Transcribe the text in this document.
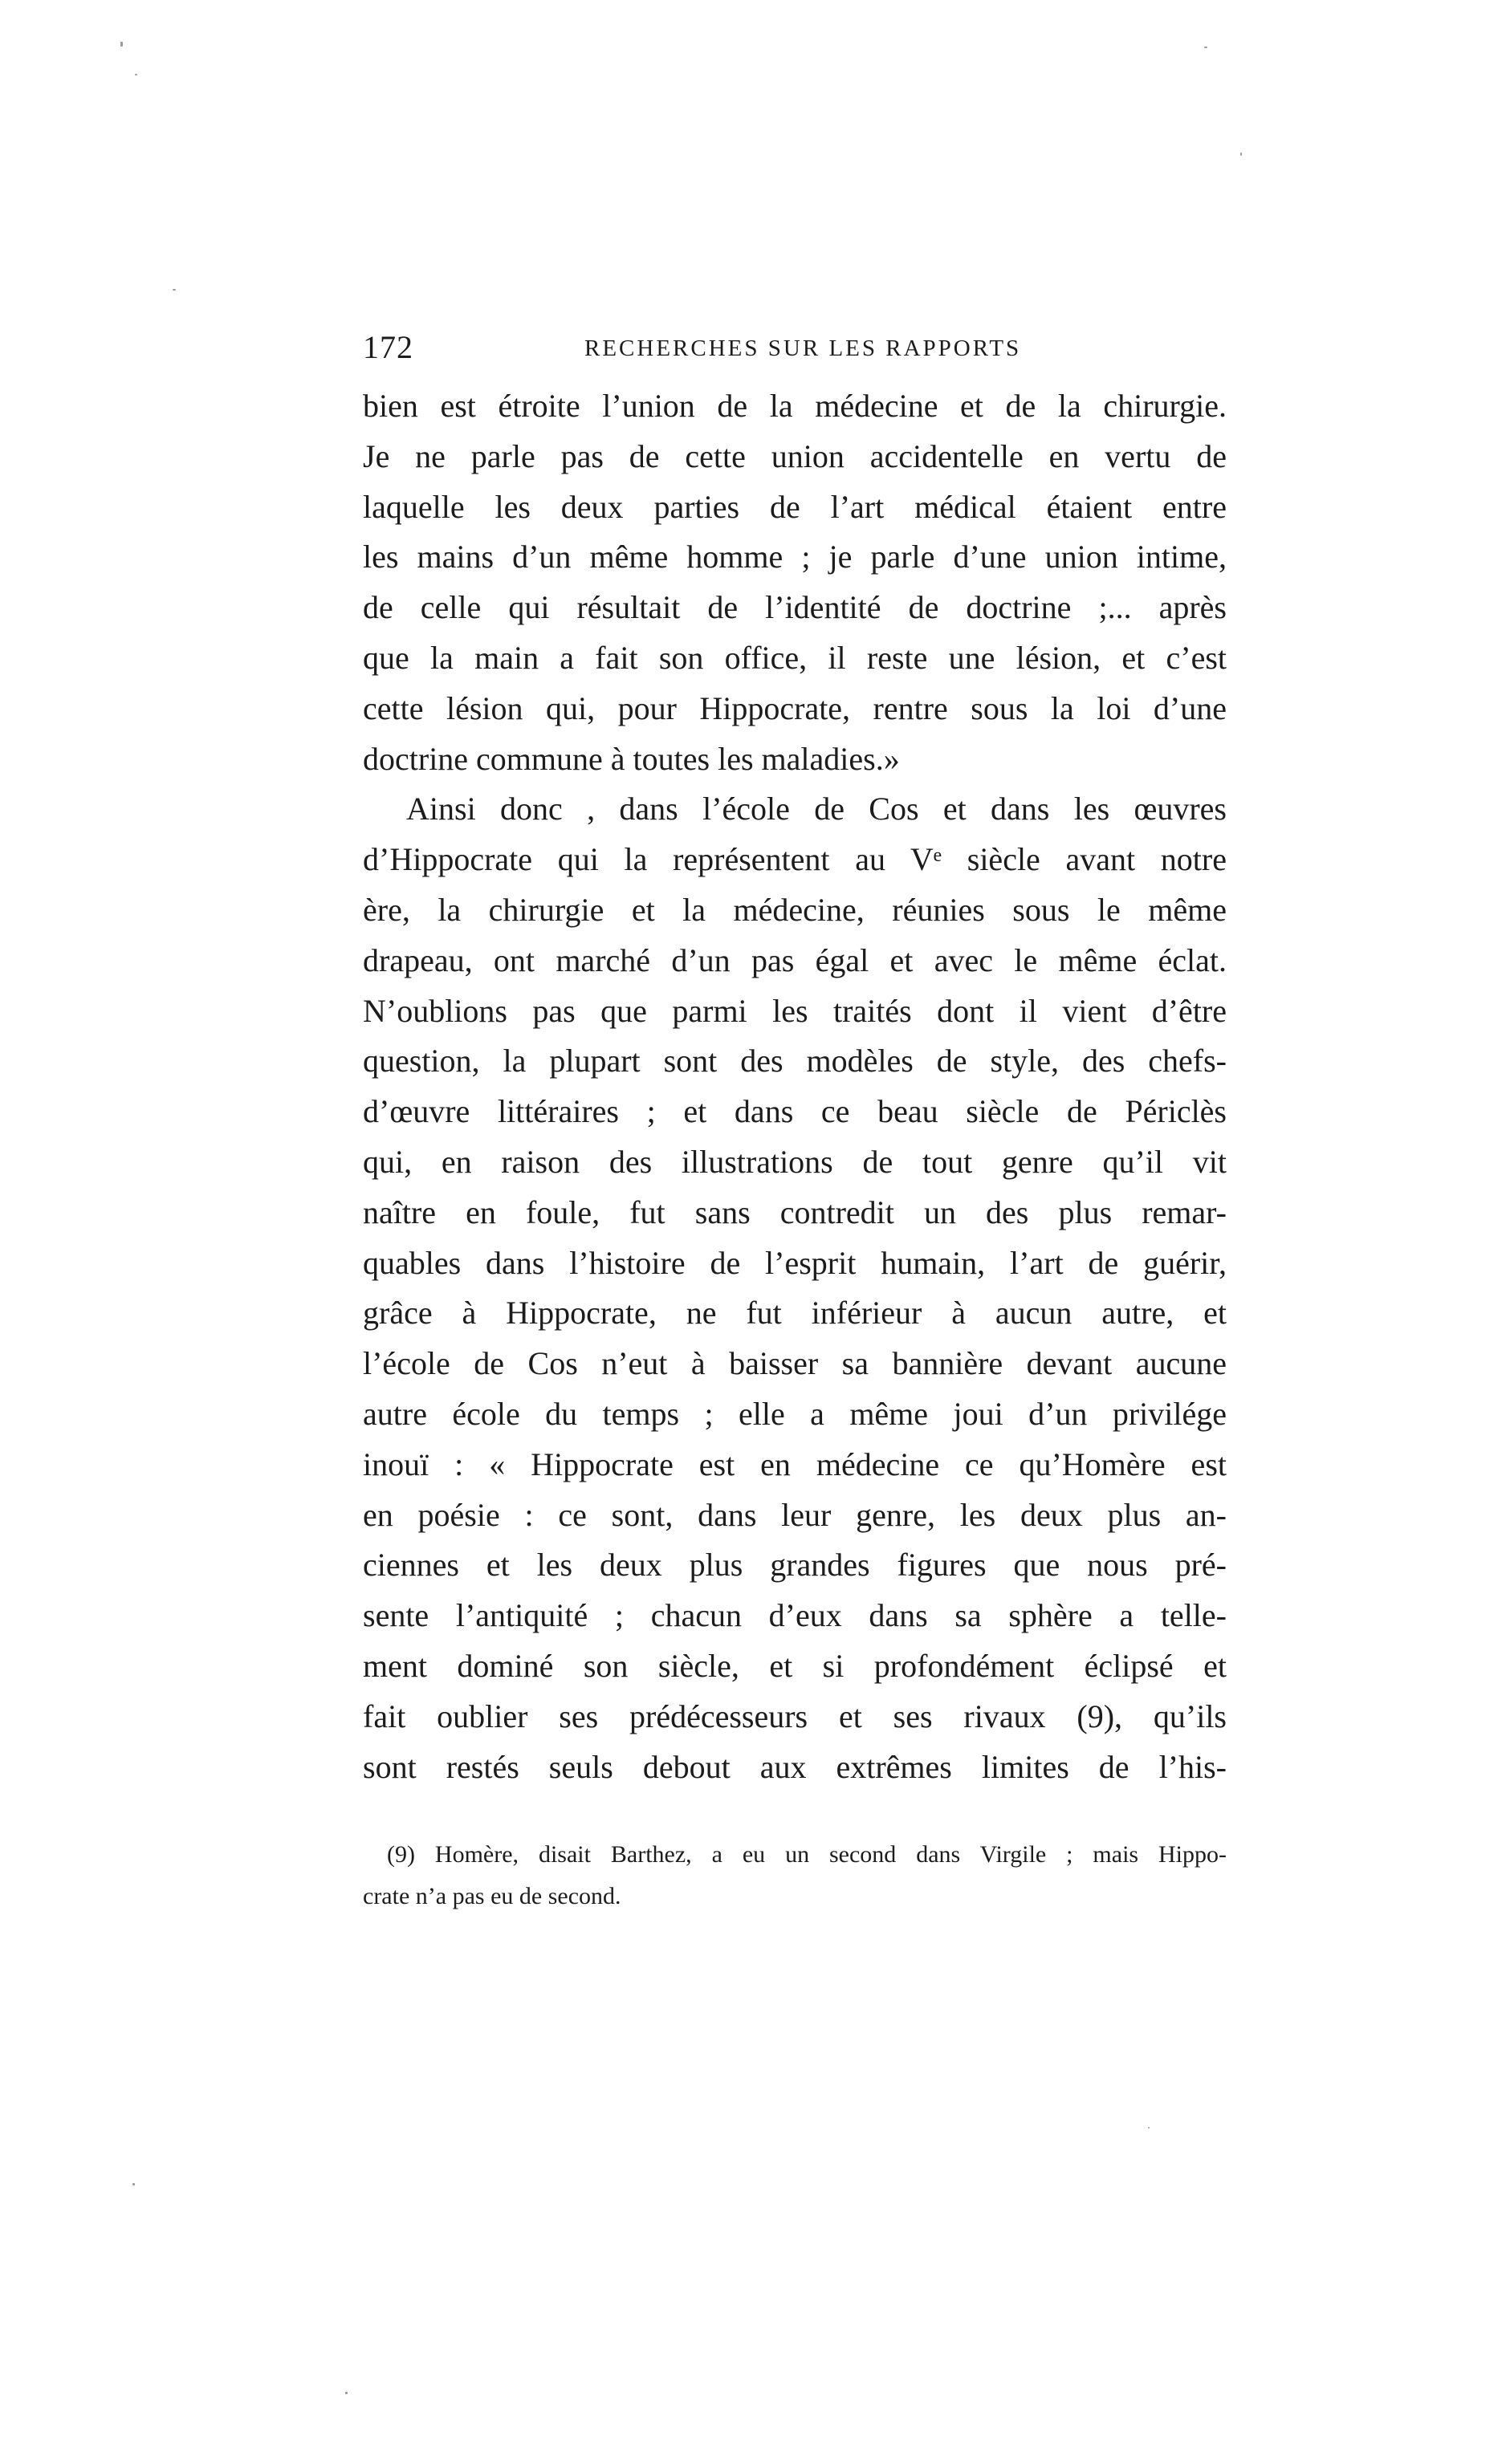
172	RECHERCHES SUR LES RAPPORTS
bien est étroite l’union de la médecine et de la chirurgie.
Je ne parle pas de cette union accidentelle en vertu de
laquelle les deux parties de l’art médical étaient entre
les mains d’un même homme ; je parle d’une union intime,
de celle qui résultait de l’identité de doctrine ;... après
que la main a fait son office, il reste une lésion, et c’est
cette lésion qui, pour Hippocrate, rentre sous la loi d’une
doctrine commune à toutes les maladies.»
Ainsi donc , dans l’école de Cos et dans les œuvres
d’Hippocrate qui la représentent au Vᵉ siècle avant notre
ère, la chirurgie et la médecine, réunies sous le même
drapeau, ont marché d’un pas égal et avec le même éclat.
N’oublions pas que parmi les traités dont il vient d’être
question, la plupart sont des modèles de style, des chefs-
d’œuvre littéraires ; et dans ce beau siècle de Périclès
qui, en raison des illustrations de tout genre qu’il vit
naître en foule, fut sans contredit un des plus remar-
quables dans l’histoire de l’esprit humain, l’art de guérir,
grâce à Hippocrate, ne fut inférieur à aucun autre, et
l’école de Cos n’eut à baisser sa bannière devant aucune
autre école du temps ; elle a même joui d’un privilége
inouï : « Hippocrate est en médecine ce qu’Homère est
en poésie : ce sont, dans leur genre, les deux plus an-
ciennes et les deux plus grandes figures que nous pré-
sente l’antiquité ; chacun d’eux dans sa sphère a telle-
ment dominé son siècle, et si profondément éclipsé et
fait oublier ses prédécesseurs et ses rivaux (9), qu’ils
sont restés seuls debout aux extrêmes limites de l’his-
(9) Homère, disait Barthez, a eu un second dans Virgile ; mais Hippo-
crate n’a pas eu de second.
